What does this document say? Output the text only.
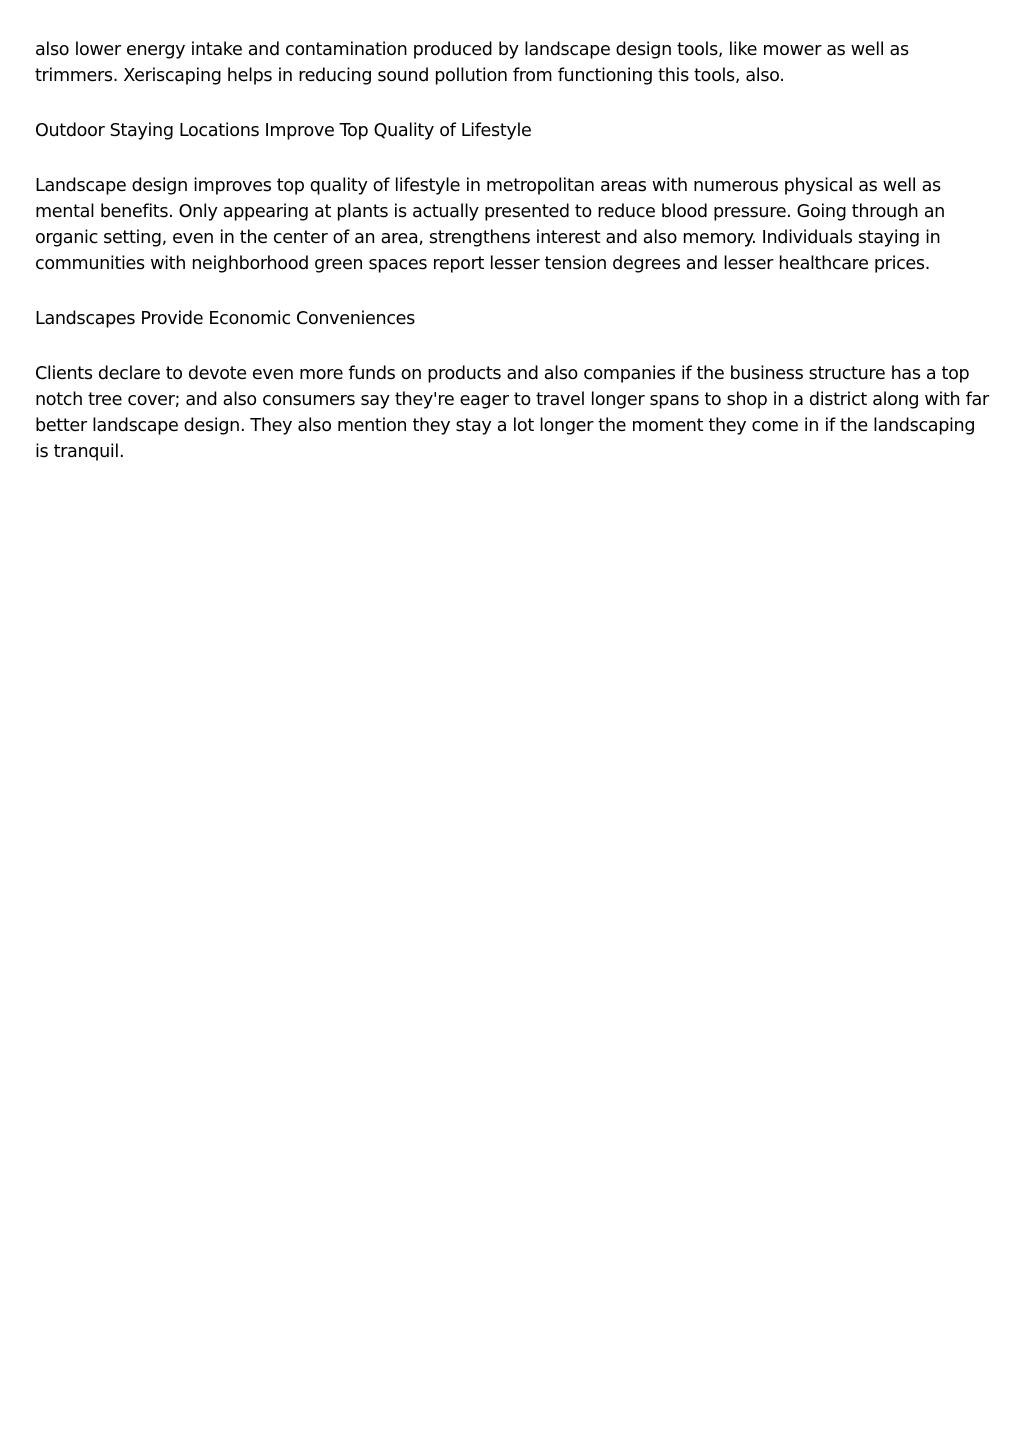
also lower energy intake and contamination produced by landscape design tools, like mower as well as trimmers. Xeriscaping helps in reducing sound pollution from functioning this tools, also.

Outdoor Staying Locations Improve Top Quality of Lifestyle

Landscape design improves top quality of lifestyle in metropolitan areas with numerous physical as well as mental benefits. Only appearing at plants is actually presented to reduce blood pressure. Going through an organic setting, even in the center of an area, strengthens interest and also memory. Individuals staying in communities with neighborhood green spaces report lesser tension degrees and lesser healthcare prices.

Landscapes Provide Economic Conveniences

Clients declare to devote even more funds on products and also companies if the business structure has a top notch tree cover; and also consumers say they're eager to travel longer spans to shop in a district along with far better landscape design. They also mention they stay a lot longer the moment they come in if the landscaping is tranquil.
